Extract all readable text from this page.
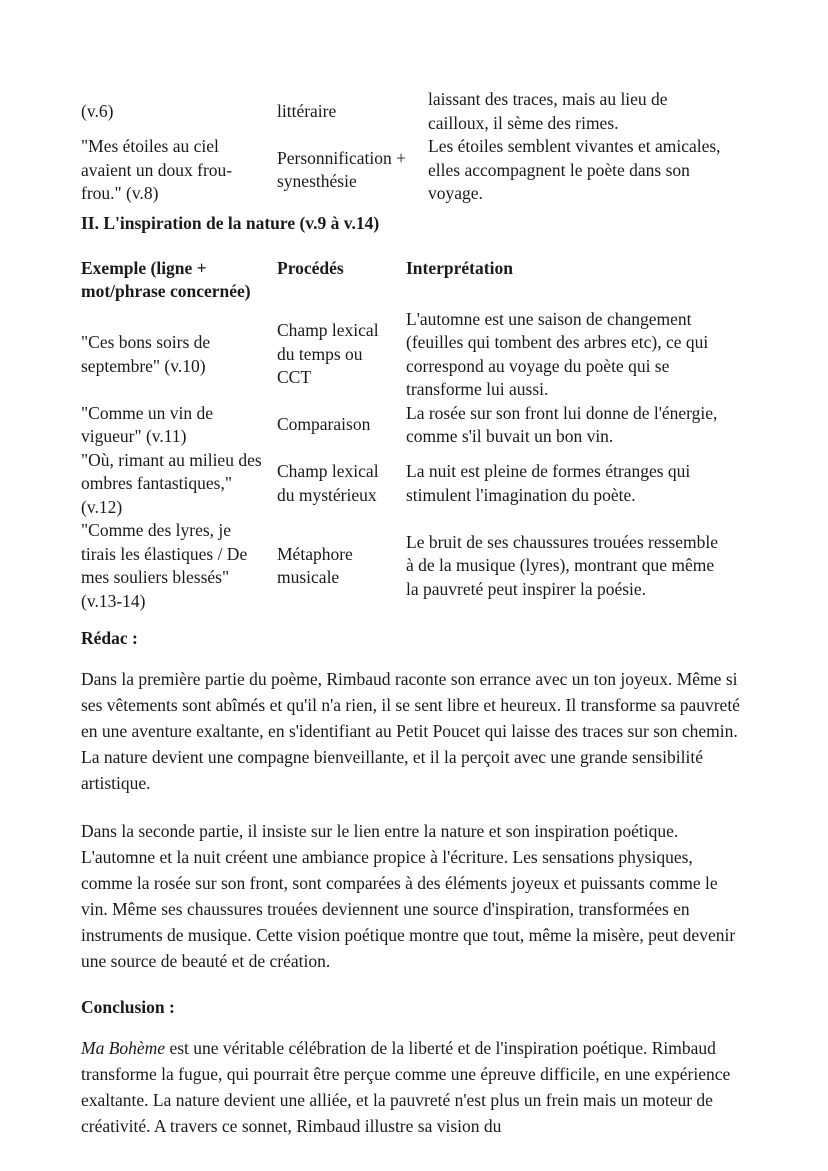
(v.6)	littéraire	laissant des traces, mais au lieu de cailloux, il sème des rimes.
"Mes étoiles au ciel avaient un doux frou-frou." (v.8)	Personnification + synesthésie	Les étoiles semblent vivantes et amicales, elles accompagnent le poète dans son voyage.
II. L'inspiration de la nature (v.9 à v.14)
Exemple (ligne + mot/phrase concernée)	Procédés	Interprétation
"Ces bons soirs de septembre" (v.10)	Champ lexical du temps ou CCT	L'automne est une saison de changement (feuilles qui tombent des arbres etc), ce qui correspond au voyage du poète qui se transforme lui aussi.
"Comme un vin de vigueur" (v.11)	Comparaison	La rosée sur son front lui donne de l'énergie, comme s'il buvait un bon vin.
"Où, rimant au milieu des ombres fantastiques," (v.12)	Champ lexical du mystérieux	La nuit est pleine de formes étranges qui stimulent l'imagination du poète.
"Comme des lyres, je tirais les élastiques / De mes souliers blessés" (v.13-14)	Métaphore musicale	Le bruit de ses chaussures trouées ressemble à de la musique (lyres), montrant que même la pauvreté peut inspirer la poésie.
Rédac :

Dans la première partie du poème, Rimbaud raconte son errance avec un ton joyeux. Même si ses vêtements sont abîmés et qu'il n'a rien, il se sent libre et heureux. Il transforme sa pauvreté en une aventure exaltante, en s'identifiant au Petit Poucet qui laisse des traces sur son chemin. La nature devient une compagne bienveillante, et il la perçoit avec une grande sensibilité artistique.

Dans la seconde partie, il insiste sur le lien entre la nature et son inspiration poétique. L'automne et la nuit créent une ambiance propice à l'écriture. Les sensations physiques, comme la rosée sur son front, sont comparées à des éléments joyeux et puissants comme le vin. Même ses chaussures trouées deviennent une source d'inspiration, transformées en instruments de musique. Cette vision poétique montre que tout, même la misère, peut devenir une source de beauté et de création.

Conclusion :

Ma Bohème est une véritable célébration de la liberté et de l'inspiration poétique. Rimbaud transforme la fugue, qui pourrait être perçue comme une épreuve difficile, en une expérience exaltante. La nature devient une alliée, et la pauvreté n'est plus un frein mais un moteur de créativité. A travers ce sonnet, Rimbaud illustre sa vision du
